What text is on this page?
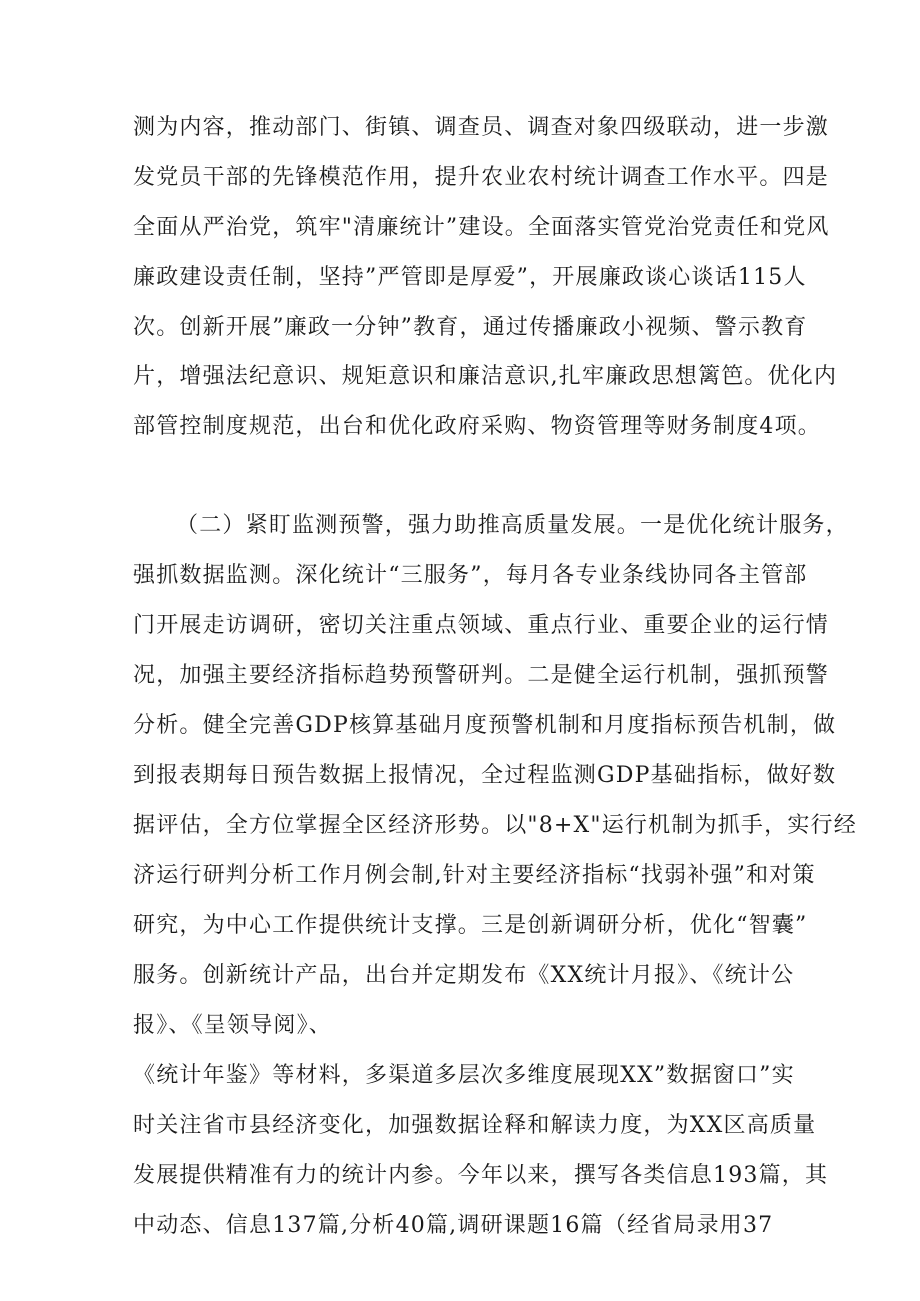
测为内容，推动部门、街镇、调查员、调查对象四级联动，进一步激
发党员干部的先锋模范作用，提升农业农村统计调查工作水平。四是
全面从严治党，筑牢"清廉统计”建设。全面落实管党治党责任和党风
廉政建设责任制，坚持”严管即是厚爱”，开展廉政谈心谈话115人
次。创新开展”廉政一分钟”教育，通过传播廉政小视频、警示教育
片，增强法纪意识、规矩意识和廉洁意识,扎牢廉政思想篱笆。优化内
部管控制度规范，出台和优化政府采购、物资管理等财务制度4项。
（二）紧盯监测预警，强力助推高质量发展。一是优化统计服务，
强抓数据监测。深化统计“三服务”，每月各专业条线协同各主管部
门开展走访调研，密切关注重点领域、重点行业、重要企业的运行情
况，加强主要经济指标趋势预警研判。二是健全运行机制，强抓预警
分析。健全完善GDP核算基础月度预警机制和月度指标预告机制，做
到报表期每日预告数据上报情况，全过程监测GDP基础指标，做好数
据评估，全方位掌握全区经济形势。以"8+X"运行机制为抓手，实行经
济运行研判分析工作月例会制,针对主要经济指标“找弱补强”和对策
研究，为中心工作提供统计支撑。三是创新调研分析，优化“智囊”
服务。创新统计产品，出台并定期发布《XX统计月报》、《统计公
报》、《呈领导阅》、
《统计年鉴》等材料，多渠道多层次多维度展现XX”数据窗口”实
时关注省市县经济变化，加强数据诠释和解读力度，为XX区高质量
发展提供精准有力的统计内参。今年以来，撰写各类信息193篇，其
中动态、信息137篇,分析40篇,调研课题16篇（经省局录用37
